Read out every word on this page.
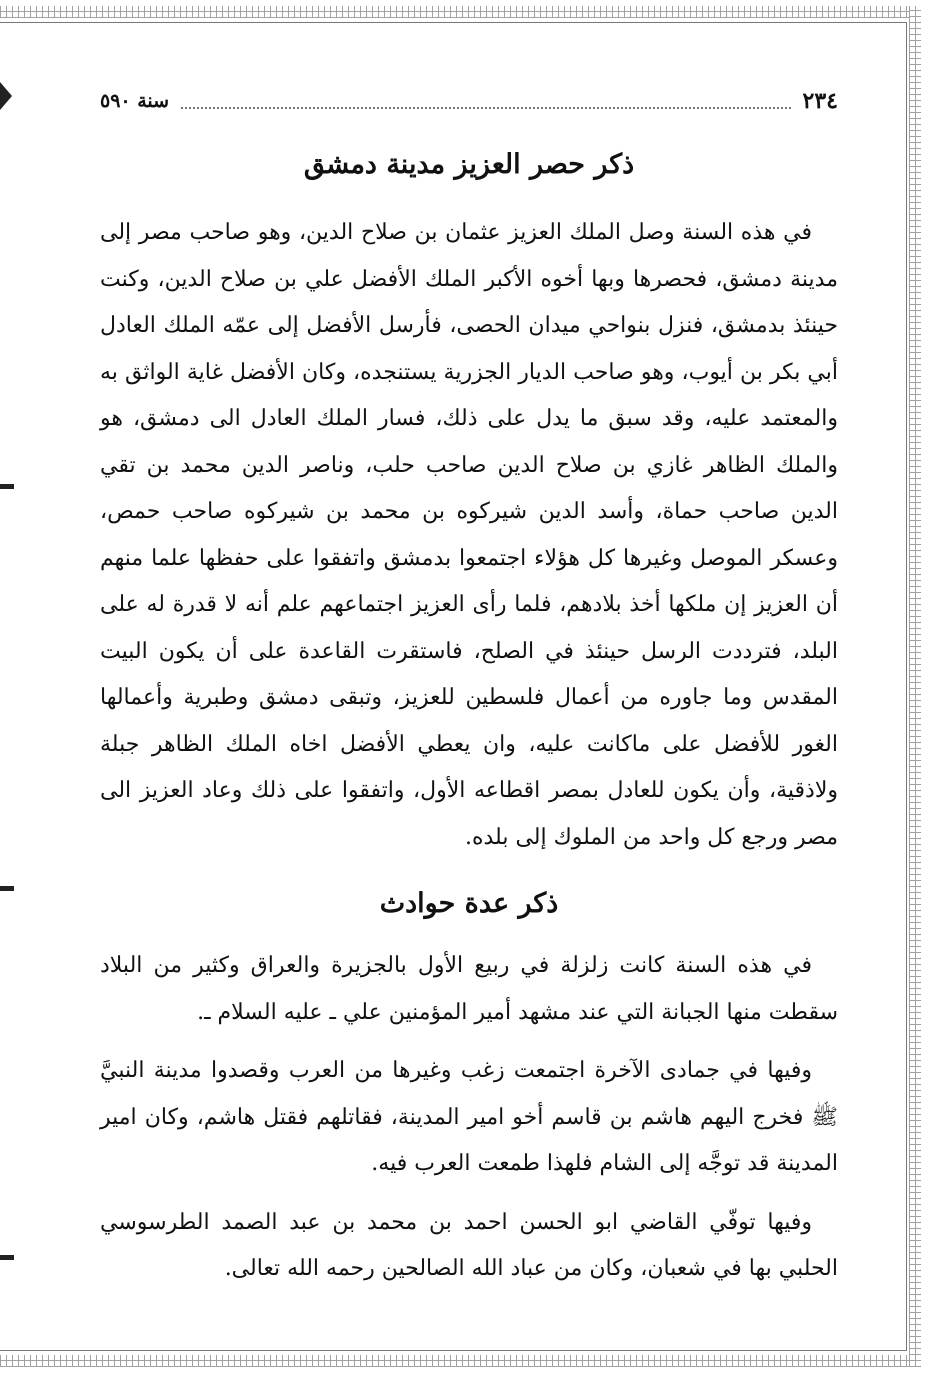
٢٣٤
سنة ٥٩٠
ذكر حصر العزيز مدينة دمشق

في هذه السنة وصل الملك العزيز عثمان بن صلاح الدين، وهو صاحب مصر إلى مدينة دمشق، فحصرها وبها أخوه الأكبر الملك الأفضل علي بن صلاح الدين، وكنت حينئذ بدمشق، فنزل بنواحي ميدان الحصى، فأرسل الأفضل إلى عمّه الملك العادل أبي بكر بن أيوب، وهو صاحب الديار الجزرية يستنجده، وكان الأفضل غاية الواثق به والمعتمد عليه، وقد سبق ما يدل على ذلك، فسار الملك العادل الى دمشق، هو والملك الظاهر غازي بن صلاح الدين صاحب حلب، وناصر الدين محمد بن تقي الدين صاحب حماة، وأسد الدين شيركوه بن محمد بن شيركوه صاحب حمص، وعسكر الموصل وغيرها كل هؤلاء اجتمعوا بدمشق واتفقوا على حفظها علما منهم أن العزيز إن ملكها أخذ بلادهم، فلما رأى العزيز اجتماعهم علم أنه لا قدرة له على البلد، فترددت الرسل حينئذ في الصلح، فاستقرت القاعدة على أن يكون البيت المقدس وما جاوره من أعمال فلسطين للعزيز، وتبقى دمشق وطبرية وأعمالها الغور للأفضل على ماكانت عليه، وان يعطي الأفضل اخاه الملك الظاهر جبلة ولاذقية، وأن يكون للعادل بمصر اقطاعه الأول، واتفقوا على ذلك وعاد العزيز الى مصر ورجع كل واحد من الملوك إلى بلده.

ذكر عدة حوادث

في هذه السنة كانت زلزلة في ربيع الأول بالجزيرة والعراق وكثير من البلاد سقطت منها الجبانة التي عند مشهد أمير المؤمنين علي ـ عليه السلام ـ.

وفيها في جمادى الآخرة اجتمعت زغب وغيرها من العرب وقصدوا مدينة النبيَّ ﷺ فخرج اليهم هاشم بن قاسم أخو امير المدينة، فقاتلهم فقتل هاشم، وكان امير المدينة قد توجَّه إلى الشام فلهذا طمعت العرب فيه.

وفيها توفّي القاضي ابو الحسن احمد بن محمد بن عبد الصمد الطرسوسي الحلبي بها في شعبان، وكان من عباد الله الصالحين رحمه الله تعالى.
